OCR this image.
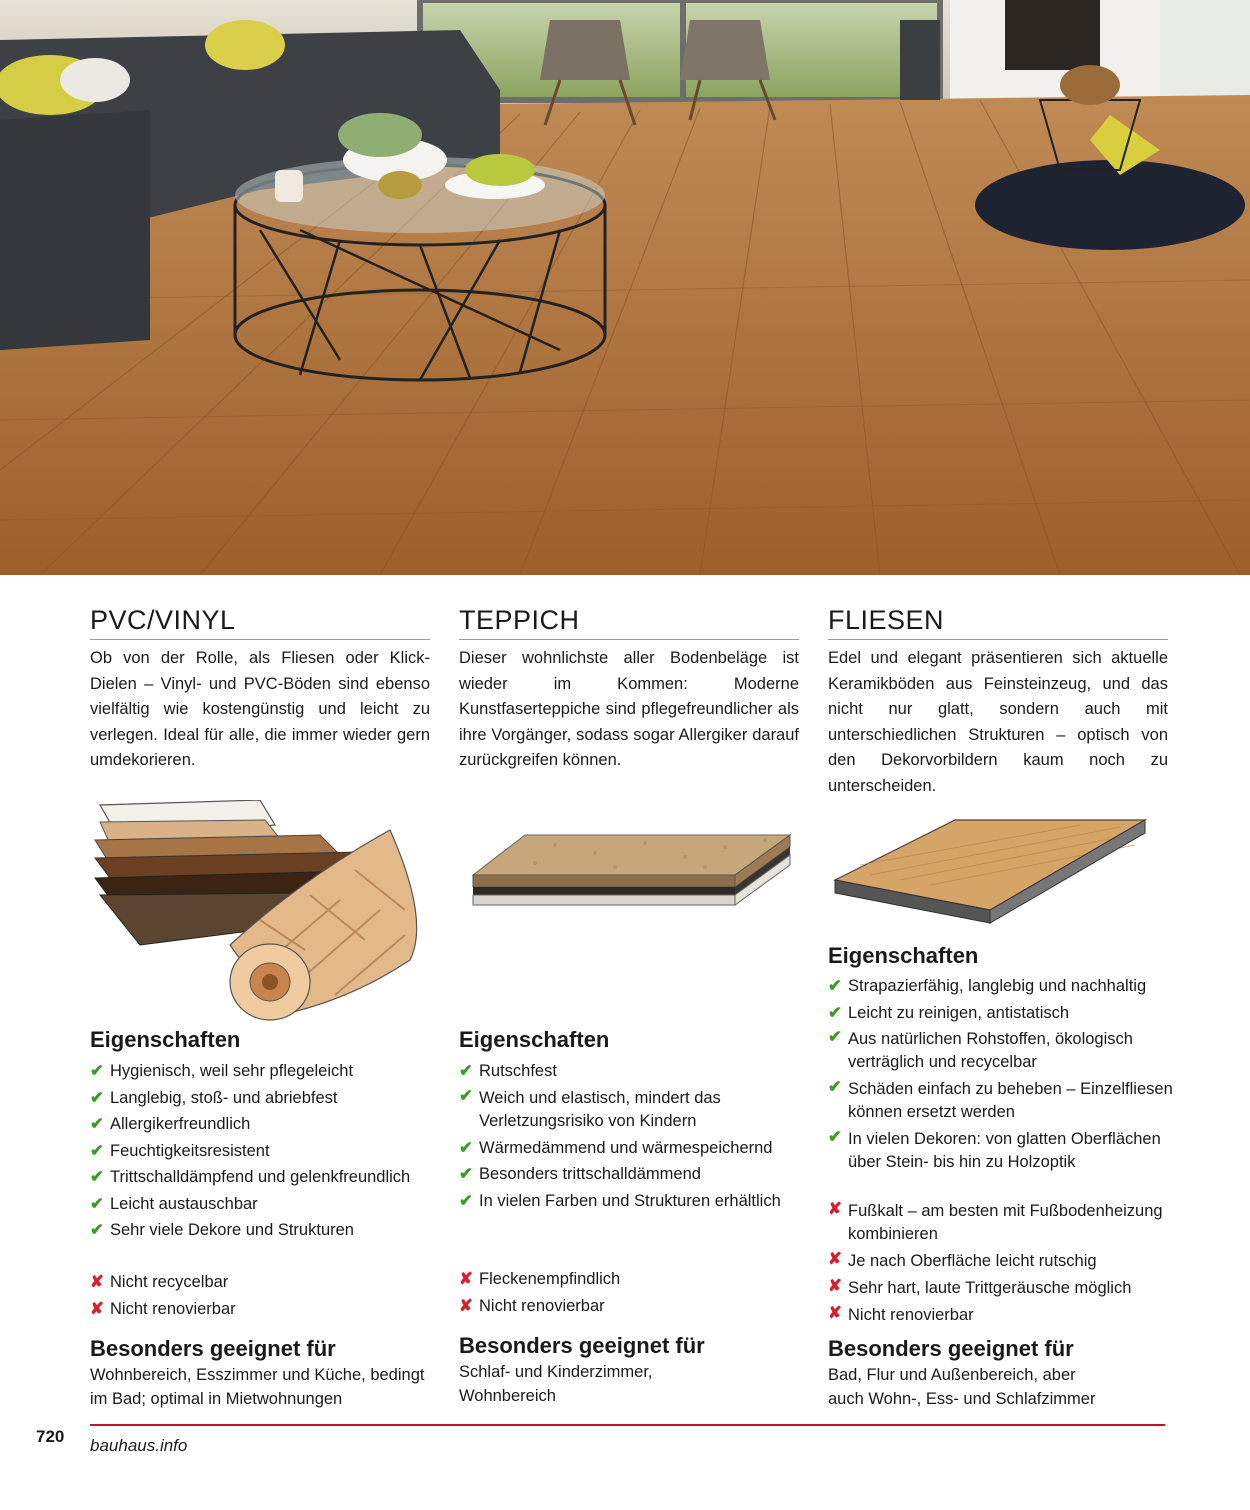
PVC/VINYL

Ob von der Rolle, als Fliesen oder Klick-Dielen – Vinyl- und PVC-Böden sind ebenso vielfältig wie kostengünstig und leicht zu verlegen. Ideal für alle, die immer wieder gern umdekorieren.

Eigenschaften
✔ Hygienisch, weil sehr pflegeleicht
✔ Langlebig, stoß- und abriebfest
✔ Allergikerfreundlich
✔ Feuchtigkeitsresistent
✔ Trittschalldämpfend und gelenkfreundlich
✔ Leicht austauschbar
✔ Sehr viele Dekore und Strukturen
✘ Nicht recycelbar
✘ Nicht renovierbar
Besonders geeignet für

Wohnbereich, Esszimmer und Küche, bedingt im Bad; optimal in Mietwohnungen

TEPPICH

Dieser wohnlichste aller Bodenbeläge ist wieder im Kommen: Moderne Kunstfaserteppiche sind pflegefreundlicher als ihre Vorgänger, sodass sogar Allergiker darauf zurückgreifen können.

Eigenschaften
✔ Rutschfest
✔ Weich und elastisch, mindert das Verletzungsrisiko von Kindern
✔ Wärmedämmend und wärmespeichernd
✔ Besonders trittschalldämmend
✔ In vielen Farben und Strukturen erhältlich
✘ Fleckenempfindlich
✘ Nicht renovierbar
Besonders geeignet für

Schlaf- und Kinderzimmer, Wohnbereich

FLIESEN

Edel und elegant präsentieren sich aktuelle Keramikböden aus Feinsteinzeug, und das nicht nur glatt, sondern auch mit unterschiedlichen Strukturen – optisch von den Dekorvorbildern kaum noch zu unterscheiden.

Eigenschaften
✔ Strapazierfähig, langlebig und nachhaltig
✔ Leicht zu reinigen, antistatisch
✔ Aus natürlichen Rohstoffen, ökologisch verträglich und recycelbar
✔ Schäden einfach zu beheben – Einzelfliesen können ersetzt werden
✔ In vielen Dekoren: von glatten Oberflächen über Stein- bis hin zu Holzoptik
✘ Fußkalt – am besten mit Fußbodenheizung kombinieren
✘ Je nach Oberfläche leicht rutschig
✘ Sehr hart, laute Trittgeräusche möglich
✘ Nicht renovierbar
Besonders geeignet für

Bad, Flur und Außenbereich, aber auch Wohn-, Ess- und Schlafzimmer

720 bauhaus.info
